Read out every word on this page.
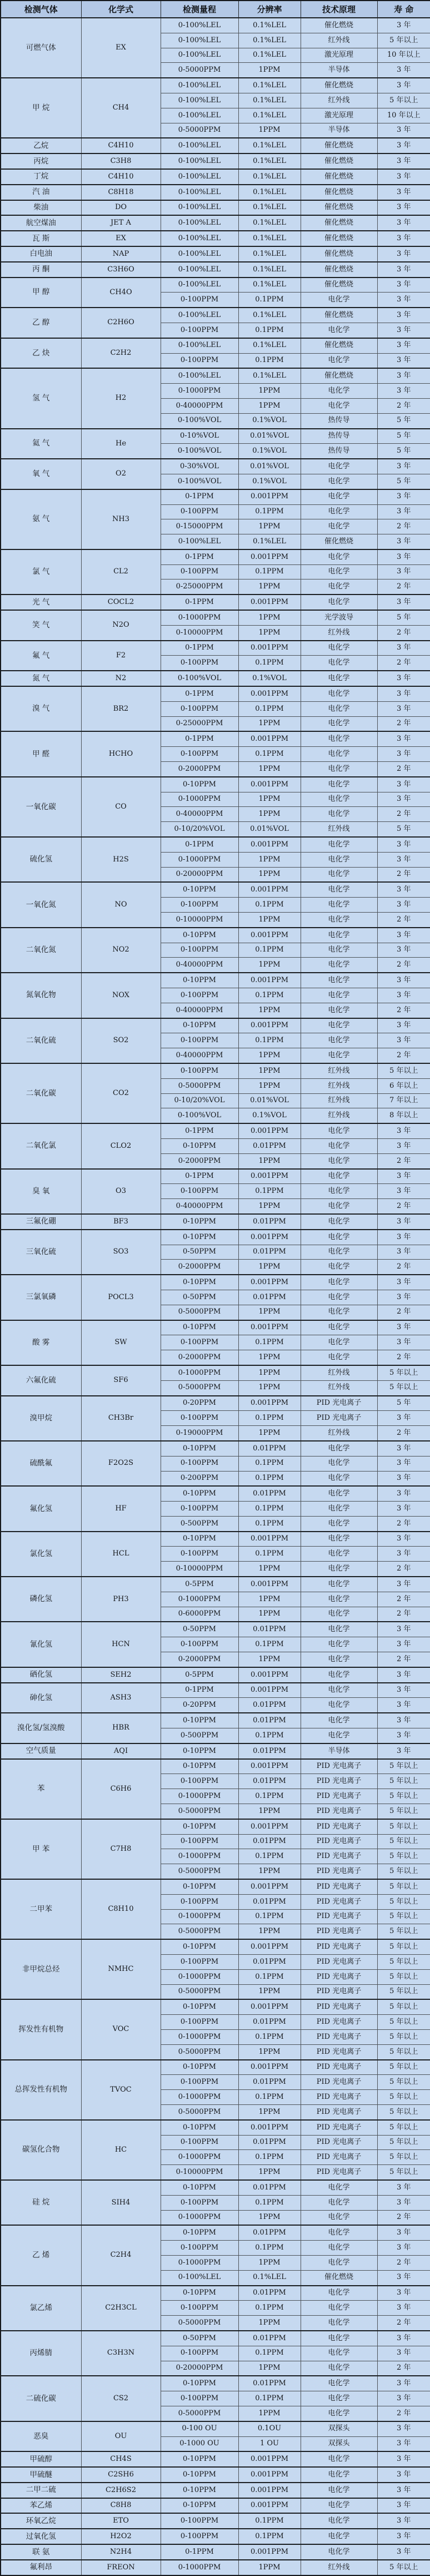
检测气体	化学式	检测量程	分辨率	技术原理	寿 命
可燃气体	EX	0-100%LEL	0.1%LEL	催化燃烧	3 年
		0-100%LEL	0.1%LEL	红外线	5 年以上
		0-100%LEL	0.1%LEL	激光原理	10 年以上
		0-5000PPM	1PPM	半导体	3 年
甲 烷	CH4	0-100%LEL	0.1%LEL	催化燃烧	3 年
		0-100%LEL	0.1%LEL	红外线	5 年以上
		0-100%LEL	0.1%LEL	激光原理	10 年以上
		0-5000PPM	1PPM	半导体	3 年
乙烷	C4H10	0-100%LEL	0.1%LEL	催化燃烧	3 年
丙烷	C3H8	0-100%LEL	0.1%LEL	催化燃烧	3 年
丁烷	C4H10	0-100%LEL	0.1%LEL	催化燃烧	3 年
汽 油	C8H18	0-100%LEL	0.1%LEL	催化燃烧	3 年
柴油	DO	0-100%LEL	0.1%LEL	催化燃烧	3 年
航空煤油	JET A	0-100%LEL	0.1%LEL	催化燃烧	3 年
瓦 斯	EX	0-100%LEL	0.1%LEL	催化燃烧	3 年
白电油	NAP	0-100%LEL	0.1%LEL	催化燃烧	3 年
丙 酮	C3H6O	0-100%LEL	0.1%LEL	催化燃烧	3 年
甲 醇	CH4O	0-100%LEL	0.1%LEL	催化燃烧	3 年
		0-100PPM	0.1PPM	电化学	3 年
乙 醇	C2H6O	0-100%LEL	0.1%LEL	催化燃烧	3 年
		0-100PPM	0.1PPM	电化学	3 年
乙 炔	C2H2	0-100%LEL	0.1%LEL	催化燃烧	3 年
		0-100PPM	0.1PPM	电化学	3 年
氢 气	H2	0-100%LEL	0.1%LEL	催化燃烧	3 年
		0-1000PPM	1PPM	电化学	3 年
		0-40000PPM	1PPM	电化学	2 年
		0-100%VOL	0.1%VOL	热传导	5 年
氦 气	He	0-10%VOL	0.01%VOL	热传导	5 年
		0-100%VOL	0.1%VOL	热传导	5 年
氧 气	O2	0-30%VOL	0.01%VOL	电化学	3 年
		0-100%VOL	0.1%VOL	电化学	5 年
氨 气	NH3	0-1PPM	0.001PPM	电化学	3 年
		0-100PPM	0.1PPM	电化学	3 年
		0-15000PPM	1PPM	电化学	2 年
		0-100%LEL	0.1%LEL	催化燃烧	3 年
氯 气	CL2	0-1PPM	0.001PPM	电化学	3 年
		0-100PPM	0.1PPM	电化学	3 年
		0-25000PPM	1PPM	电化学	2 年
光 气	COCL2	0-1PPM	0.001PPM	电化学	3 年
笑 气	N2O	0-1000PPM	1PPM	光学波导	5 年
		0-10000PPM	1PPM	红外线	2 年
氟 气	F2	0-1PPM	0.001PPM	电化学	3 年
		0-100PPM	0.1PPM	电化学	2 年
氮 气	N2	0-100%VOL	0.1%VOL	电化学	3 年
溴 气	BR2	0-1PPM	0.001PPM	电化学	3 年
		0-100PPM	0.1PPM	电化学	3 年
		0-25000PPM	1PPM	电化学	2 年
甲 醛	HCHO	0-1PPM	0.001PPM	电化学	3 年
		0-100PPM	0.1PPM	电化学	3 年
		0-2000PPM	1PPM	电化学	2 年
一氧化碳	CO	0-10PPM	0.001PPM	电化学	3 年
		0-1000PPM	1PPM	电化学	3 年
		0-40000PPM	1PPM	电化学	2 年
		0-10/20%VOL	0.01%VOL	红外线	5 年
硫化氢	H2S	0-1PPM	0.001PPM	电化学	3 年
		0-1000PPM	1PPM	电化学	3 年
		0-20000PPM	1PPM	电化学	2 年
一氧化氮	NO	0-10PPM	0.001PPM	电化学	3 年
		0-100PPM	0.1PPM	电化学	3 年
		0-10000PPM	1PPM	电化学	2 年
二氧化氮	NO2	0-10PPM	0.001PPM	电化学	3 年
		0-100PPM	0.1PPM	电化学	3 年
		0-40000PPM	1PPM	电化学	2 年
氮氧化物	NOX	0-10PPM	0.001PPM	电化学	3 年
		0-100PPM	0.1PPM	电化学	3 年
		0-40000PPM	1PPM	电化学	2 年
二氧化硫	SO2	0-10PPM	0.001PPM	电化学	3 年
		0-100PPM	0.1PPM	电化学	3 年
		0-40000PPM	1PPM	电化学	2 年
二氧化碳	CO2	0-100PPM	1PPM	红外线	5 年以上
		0-5000PPM	1PPM	红外线	6 年以上
		0-10/20%VOL	0.01%VOL	红外线	7 年以上
		0-100%VOL	0.1%VOL	红外线	8 年以上
二氧化氯	CLO2	0-1PPM	0.001PPM	电化学	3 年
		0-10PPM	0.01PPM	电化学	3 年
		0-2000PPM	1PPM	电化学	2 年
臭 氧	O3	0-1PPM	0.001PPM	电化学	3 年
		0-100PPM	0.1PPM	电化学	3 年
		0-40000PPM	1PPM	电化学	2 年
三氟化硼	BF3	0-10PPM	0.01PPM	电化学	3 年
三氧化硫	SO3	0-10PPM	0.001PPM	电化学	3 年
		0-50PPM	0.01PPM	电化学	3 年
		0-2000PPM	1PPM	电化学	2 年
三氯氧磷	POCL3	0-10PPM	0.001PPM	电化学	3 年
		0-50PPM	0.01PPM	电化学	3 年
		0-5000PPM	1PPM	电化学	2 年
酸 雾	SW	0-10PPM	0.001PPM	电化学	3 年
		0-100PPM	0.1PPM	电化学	3 年
		0-2000PPM	1PPM	电化学	2 年
六氟化硫	SF6	0-1000PPM	1PPM	红外线	5 年以上
		0-5000PPM	1PPM	红外线	5 年以上
溴甲烷	CH3Br	0-20PPM	0.001PPM	PID 光电离子	5 年
		0-100PPM	0.1PPM	PID 光电离子	3 年
		0-19000PPM	1PPM	红外线	2 年
硫酰氟	F2O2S	0-10PPM	0.01PPM	电化学	3 年
		0-100PPM	0.1PPM	电化学	3 年
		0-200PPM	0.1PPM	电化学	3 年
氟化氢	HF	0-10PPM	0.01PPM	电化学	3 年
		0-100PPM	0.1PPM	电化学	3 年
		0-500PPM	0.1PPM	电化学	2 年
氯化氢	HCL	0-10PPM	0.001PPM	电化学	3 年
		0-100PPM	0.1PPM	电化学	3 年
		0-10000PPM	1PPM	电化学	2 年
磷化氢	PH3	0-5PPM	0.001PPM	电化学	3 年
		0-1000PPM	1PPM	电化学	2 年
		0-6000PPM	1PPM	电化学	2 年
氰化氢	HCN	0-50PPM	0.01PPM	电化学	3 年
		0-100PPM	0.1PPM	电化学	3 年
		0-2000PPM	1PPM	电化学	2 年
硒化氢	SEH2	0-5PPM	0.001PPM	电化学	3 年
砷化氢	ASH3	0-1PPM	0.001PPM	电化学	3 年
		0-20PPM	0.01PPM	电化学	3 年
溴化氢/氢溴酸	HBR	0-10PPM	0.01PPM	电化学	3 年
		0-500PPM	0.1PPM	电化学	3 年
空气质量	AQI	0-10PPM	0.01PPM	半导体	3 年
苯	C6H6	0-10PPM	0.001PPM	PID 光电离子	5 年以上
		0-100PPM	0.01PPM	PID 光电离子	5 年以上
		0-1000PPM	0.1PPM	PID 光电离子	5 年以上
		0-5000PPM	1PPM	PID 光电离子	5 年以上
甲 苯	C7H8	0-10PPM	0.001PPM	PID 光电离子	5 年以上
		0-100PPM	0.01PPM	PID 光电离子	5 年以上
		0-1000PPM	0.1PPM	PID 光电离子	5 年以上
		0-5000PPM	1PPM	PID 光电离子	5 年以上
二甲苯	C8H10	0-10PPM	0.001PPM	PID 光电离子	5 年以上
		0-100PPM	0.01PPM	PID 光电离子	5 年以上
		0-1000PPM	0.1PPM	PID 光电离子	5 年以上
		0-5000PPM	1PPM	PID 光电离子	5 年以上
非甲烷总烃	NMHC	0-10PPM	0.001PPM	PID 光电离子	5 年以上
		0-100PPM	0.01PPM	PID 光电离子	5 年以上
		0-1000PPM	0.1PPM	PID 光电离子	5 年以上
		0-5000PPM	1PPM	PID 光电离子	5 年以上
挥发性有机物	VOC	0-10PPM	0.001PPM	PID 光电离子	5 年以上
		0-100PPM	0.01PPM	PID 光电离子	5 年以上
		0-1000PPM	0.1PPM	PID 光电离子	5 年以上
		0-5000PPM	1PPM	PID 光电离子	5 年以上
总挥发性有机物	TVOC	0-10PPM	0.001PPM	PID 光电离子	5 年以上
		0-100PPM	0.01PPM	PID 光电离子	5 年以上
		0-1000PPM	0.1PPM	PID 光电离子	5 年以上
		0-5000PPM	1PPM	PID 光电离子	5 年以上
碳氢化合物	HC	0-10PPM	0.001PPM	PID 光电离子	5 年以上
		0-100PPM	0.01PPM	PID 光电离子	5 年以上
		0-1000PPM	0.1PPM	PID 光电离子	5 年以上
		0-10000PPM	1PPM	PID 光电离子	5 年以上
硅 烷	SIH4	0-10PPM	0.01PPM	电化学	3 年
		0-100PPM	0.1PPM	电化学	3 年
		0-1000PPM	1PPM	电化学	2 年
乙 烯	C2H4	0-10PPM	0.01PPM	电化学	3 年
		0-100PPM	0.1PPM	电化学	3 年
		0-1000PPM	1PPM	电化学	2 年
		0-100%LEL	0.1%LEL	催化燃烧	3 年
氯乙烯	C2H3CL	0-10PPM	0.01PPM	电化学	3 年
		0-100PPM	0.1PPM	电化学	3 年
		0-5000PPM	1PPM	电化学	2 年
丙烯腈	C3H3N	0-50PPM	0.01PPM	电化学	3 年
		0-100PPM	0.1PPM	电化学	3 年
		0-20000PPM	1PPM	电化学	2 年
二硫化碳	CS2	0-10PPM	0.01PPM	电化学	3 年
		0-100PPM	0.1PPM	电化学	3 年
		0-5000PPM	1PPM	电化学	2 年
恶臭	OU	0-100 OU	0.1OU	双探头	3 年
		0-1000 OU	1 OU	双探头	3 年
甲硫醇	CH4S	0-10PPM	0.001PPM	电化学	3 年
甲硫醚	C2SH6	0-10PPM	0.001PPM	电化学	3 年
二甲二硫	C2H6S2	0-10PPM	0.001PPM	电化学	3 年
苯乙烯	C8H8	0-10PPM	0.001PPM	电化学	3 年
环氧乙烷	ETO	0-100PPM	0.1PPM	电化学	3 年
过氧化氢	H2O2	0-100PPM	0.1PPM	电化学	3 年
联 氨	N2H4	0-1PPM	0.001PPM	电化学	3 年
氟利昂	FREON	0-1000PPM	1PPM	红外线	5 年以上
